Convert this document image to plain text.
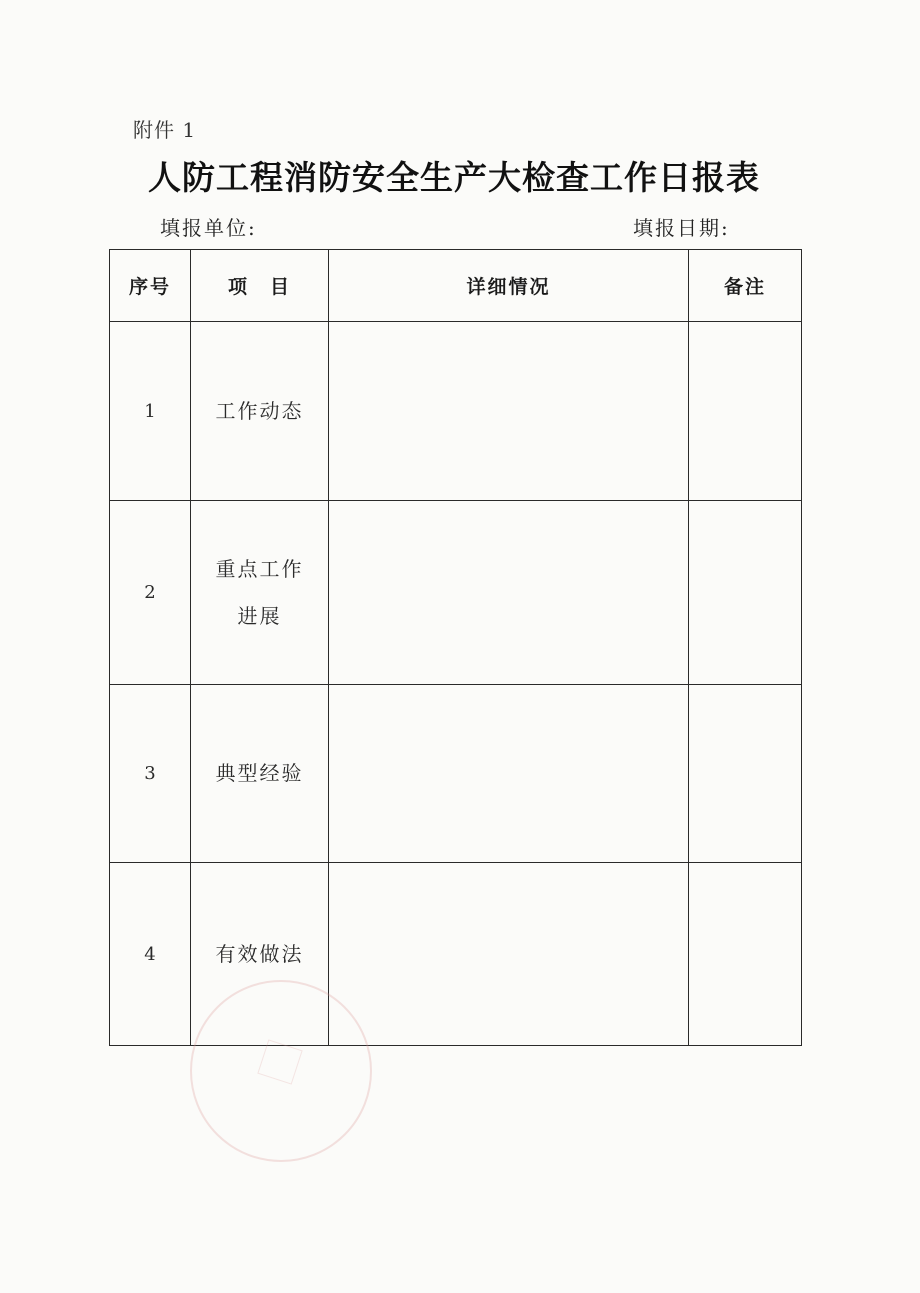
附件 1
人防工程消防安全生产大检查工作日报表
填报单位:	填报日期:
序号	项　目	详细情况	备注
1	工作动态		
2	重点工作进展		
3	典型经验		
4	有效做法		
